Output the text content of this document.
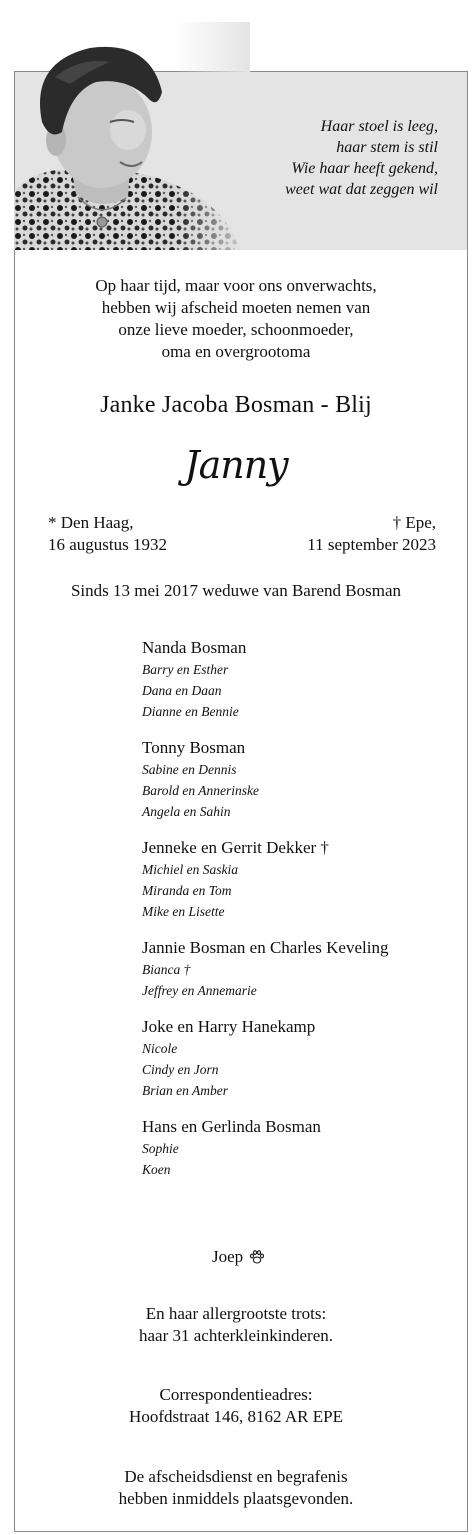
Haar stoel is leeg,
haar stem is stil
Wie haar heeft gekend,
weet wat dat zeggen wil
Op haar tijd, maar voor ons onverwachts,
hebben wij afscheid moeten nemen van
onze lieve moeder, schoonmoeder,
oma en overgrootoma
Janke Jacoba Bosman - Blij
Janny
* Den Haag,
16 augustus 1932
† Epe,
11 september 2023
Sinds 13 mei 2017 weduwe van Barend Bosman
Nanda Bosman
Barry en Esther
Dana en Daan
Dianne en Bennie
Tonny Bosman
Sabine en Dennis
Barold en Annerinske
Angela en Sahin
Jenneke en Gerrit Dekker †
Michiel en Saskia
Miranda en Tom
Mike en Lisette
Jannie Bosman en Charles Keveling
Bianca †
Jeffrey en Annemarie
Joke en Harry Hanekamp
Nicole
Cindy en Jorn
Brian en Amber
Hans en Gerlinda Bosman
Sophie
Koen
Joep
En haar allergrootste trots:
haar 31 achterkleinkinderen.
Correspondentieadres:
Hoofdstraat 146, 8162 AR EPE
De afscheidsdienst en begrafenis
hebben inmiddels plaatsgevonden.
